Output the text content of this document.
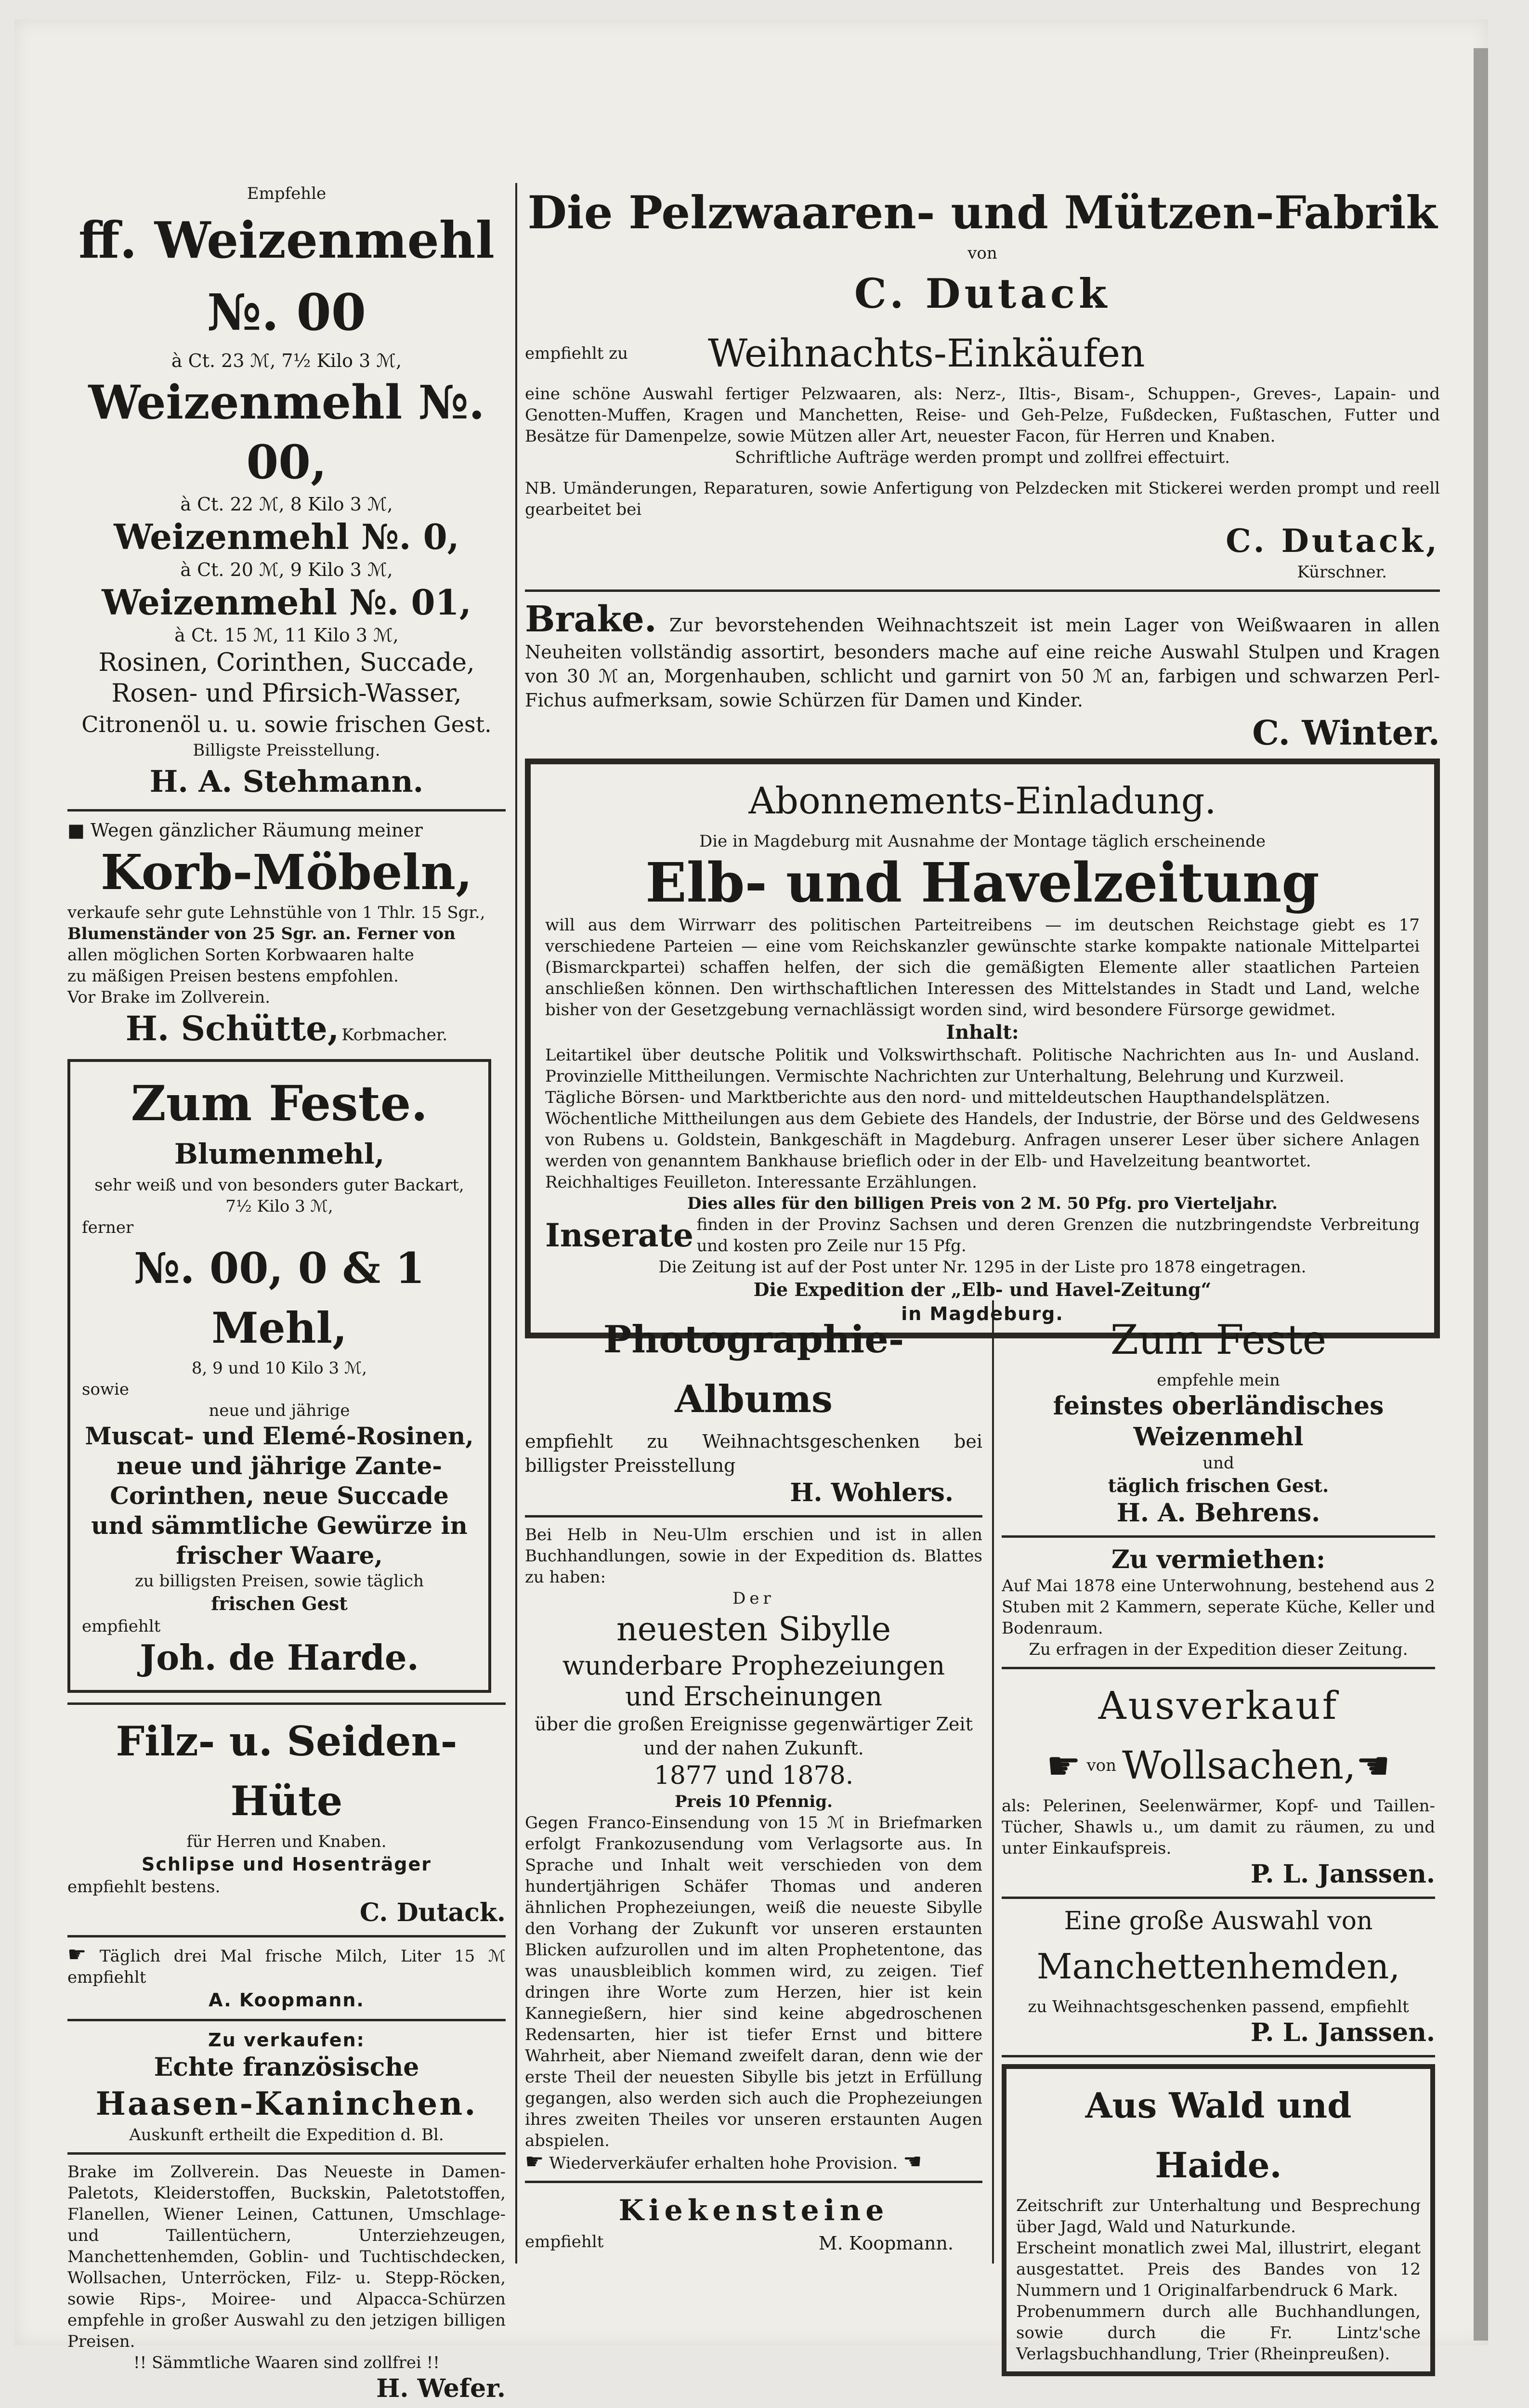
Empfehle

ff. Weizenmehl №. 00

à Ct. 23 ℳ, 7½ Kilo 3 ℳ,

Weizenmehl №. 00,

à Ct. 22 ℳ, 8 Kilo 3 ℳ,

Weizenmehl №. 0,

à Ct. 20 ℳ, 9 Kilo 3 ℳ,

Weizenmehl №. 01,

à Ct. 15 ℳ, 11 Kilo 3 ℳ,

Rosinen, Corinthen, Succade,

Rosen- und Pfirsich-Wasser,

Citronenöl u. u. sowie frischen Gest.

Billigste Preisstellung.

H. A. Stehmann.

■ Wegen gänzlicher Räumung meiner

Korb-Möbeln,

verkaufe sehr gute Lehnstühle von 1 Thlr. 15 Sgr.,

Blumenständer von 25 Sgr. an. Ferner von

allen möglichen Sorten Korbwaaren halte

zu mäßigen Preisen bestens empfohlen.

Vor Brake im Zollverein.

H. Schütte, Korbmacher.

Zum Feste.

Blumenmehl,

sehr weiß und von besonders guter Backart,

7½ Kilo 3 ℳ,

ferner

№. 00, 0 & 1 Mehl,

8, 9 und 10 Kilo 3 ℳ,

sowie

neue und jährige

Muscat- und Elemé-Rosinen, neue und jährige Zante-Corinthen, neue Succade und sämmtliche Gewürze in frischer Waare,

zu billigsten Preisen, sowie täglich

frischen Gest

empfiehlt

Joh. de Harde.

Filz- u. Seiden-Hüte

für Herren und Knaben.

Schlipse und Hosenträger

empfiehlt bestens.

C. Dutack.

☛ Täglich drei Mal frische Milch, Liter 15 ℳ empfiehlt

A. Koopmann.

Zu verkaufen:

Echte französische

Haasen-Kaninchen.

Auskunft ertheilt die Expedition d. Bl.

Brake im Zollverein. Das Neueste in Damen-Paletots, Kleiderstoffen, Buckskin, Paletotstoffen, Flanellen, Wiener Leinen, Cattunen, Umschlage- und Taillentüchern, Unterziehzeugen, Manchettenhemden, Goblin- und Tuchtischdecken, Wollsachen, Unterröcken, Filz- u. Stepp-Röcken, sowie Rips-, Moiree- und Alpacca-Schürzen empfehle in großer Auswahl zu den jetzigen billigen Preisen.

!! Sämmtliche Waaren sind zollfrei !!

H. Wefer.

Die Pelzwaaren- und Mützen-Fabrik

von

C. Dutack

empfiehlt zu	Weihnachts-Einkäufen

eine schöne Auswahl fertiger Pelzwaaren, als: Nerz-, Iltis-, Bisam-, Schuppen-, Greves-, Lapain- und Genotten-Muffen, Kragen und Manchetten, Reise- und Geh-Pelze, Fußdecken, Fußtaschen, Futter und Besätze für Damenpelze, sowie Mützen aller Art, neuester Facon, für Herren und Knaben.

Schriftliche Aufträge werden prompt und zollfrei effectuirt.

NB. Umänderungen, Reparaturen, sowie Anfertigung von Pelzdecken mit Stickerei werden prompt und reell gearbeitet bei

C. Dutack,

Kürschner.

Brake. Zur bevorstehenden Weihnachtszeit ist mein Lager von Weißwaaren in allen Neuheiten vollständig assortirt, besonders mache auf eine reiche Auswahl Stulpen und Kragen von 30 ℳ an, Morgenhauben, schlicht und garnirt von 50 ℳ an, farbigen und schwarzen Perl-Fichus aufmerksam, sowie Schürzen für Damen und Kinder.

C. Winter.

Abonnements-Einladung.

Die in Magdeburg mit Ausnahme der Montage täglich erscheinende

Elb- und Havelzeitung

will aus dem Wirrwarr des politischen Parteitreibens — im deutschen Reichstage giebt es 17 verschiedene Parteien — eine vom Reichskanzler gewünschte starke kompakte nationale Mittelpartei (Bismarckpartei) schaffen helfen, der sich die gemäßigten Elemente aller staatlichen Parteien anschließen können. Den wirthschaftlichen Interessen des Mittelstandes in Stadt und Land, welche bisher von der Gesetzgebung vernachlässigt worden sind, wird besondere Fürsorge gewidmet.

Inhalt:

Leitartikel über deutsche Politik und Volkswirthschaft. Politische Nachrichten aus In- und Ausland. Provinzielle Mittheilungen. Vermischte Nachrichten zur Unterhaltung, Belehrung und Kurzweil.

Tägliche Börsen- und Marktberichte aus den nord- und mitteldeutschen Haupthandelsplätzen.

Wöchentliche Mittheilungen aus dem Gebiete des Handels, der Industrie, der Börse und des Geldwesens von Rubens u. Goldstein, Bankgeschäft in Magdeburg. Anfragen unserer Leser über sichere Anlagen werden von genanntem Bankhause brieflich oder in der Elb- und Havelzeitung beantwortet.

Reichhaltiges Feuilleton. Interessante Erzählungen.

Dies alles für den billigen Preis von 2 M. 50 Pfg. pro Vierteljahr.

Inserate finden in der Provinz Sachsen und deren Grenzen die nutzbringendste Verbreitung und kosten pro Zeile nur 15 Pfg.

Die Zeitung ist auf der Post unter Nr. 1295 in der Liste pro 1878 eingetragen.

Die Expedition der „Elb- und Havel-Zeitung“

in Magdeburg.

Photographie-Albums

empfiehlt zu Weihnachtsgeschenken bei billigster Preisstellung

H. Wohlers.

Bei Helb in Neu-Ulm erschien und ist in allen Buchhandlungen, sowie in der Expedition ds. Blattes zu haben:

Der

neuesten Sibylle

wunderbare Prophezeiungen

und Erscheinungen

über die großen Ereignisse gegenwärtiger Zeit und der nahen Zukunft.

1877 und 1878.

Preis 10 Pfennig.

Gegen Franco-Einsendung von 15 ℳ in Briefmarken erfolgt Frankozusendung vom Verlagsorte aus. In Sprache und Inhalt weit verschieden von dem hundertjährigen Schäfer Thomas und anderen ähnlichen Prophezeiungen, weiß die neueste Sibylle den Vorhang der Zukunft vor unseren erstaunten Blicken aufzurollen und im alten Prophetentone, das was unausbleiblich kommen wird, zu zeigen. Tief dringen ihre Worte zum Herzen, hier ist kein Kannegießern, hier sind keine abgedroschenen Redensarten, hier ist tiefer Ernst und bittere Wahrheit, aber Niemand zweifelt daran, denn wie der erste Theil der neuesten Sibylle bis jetzt in Erfüllung gegangen, also werden sich auch die Prophezeiungen ihres zweiten Theiles vor unseren erstaunten Augen abspielen.

☛ Wiederverkäufer erhalten hohe Provision. ☚

Kiekensteine

empfiehlt	M. Koopmann.

Zum Feste

empfehle mein

feinstes oberländisches

Weizenmehl

und

täglich frischen Gest.

H. A. Behrens.

Zu vermiethen:

Auf Mai 1878 eine Unterwohnung, bestehend aus 2 Stuben mit 2 Kammern, seperate Küche, Keller und Bodenraum.

Zu erfragen in der Expedition dieser Zeitung.

Ausverkauf

☛ von Wollsachen, ☚

als: Pelerinen, Seelenwärmer, Kopf- und Taillen-Tücher, Shawls u., um damit zu räumen, zu und unter Einkaufspreis.

P. L. Janssen.

Eine große Auswahl von

Manchettenhemden,

zu Weihnachtsgeschenken passend, empfiehlt

P. L. Janssen.

Aus Wald und Haide.

Zeitschrift zur Unterhaltung und Besprechung über Jagd, Wald und Naturkunde.

Erscheint monatlich zwei Mal, illustrirt, elegant ausgestattet. Preis des Bandes von 12 Nummern und 1 Originalfarbendruck 6 Mark.

Probenummern durch alle Buchhandlungen, sowie durch die Fr. Lintz'sche Verlagsbuchhandlung, Trier (Rheinpreußen).
